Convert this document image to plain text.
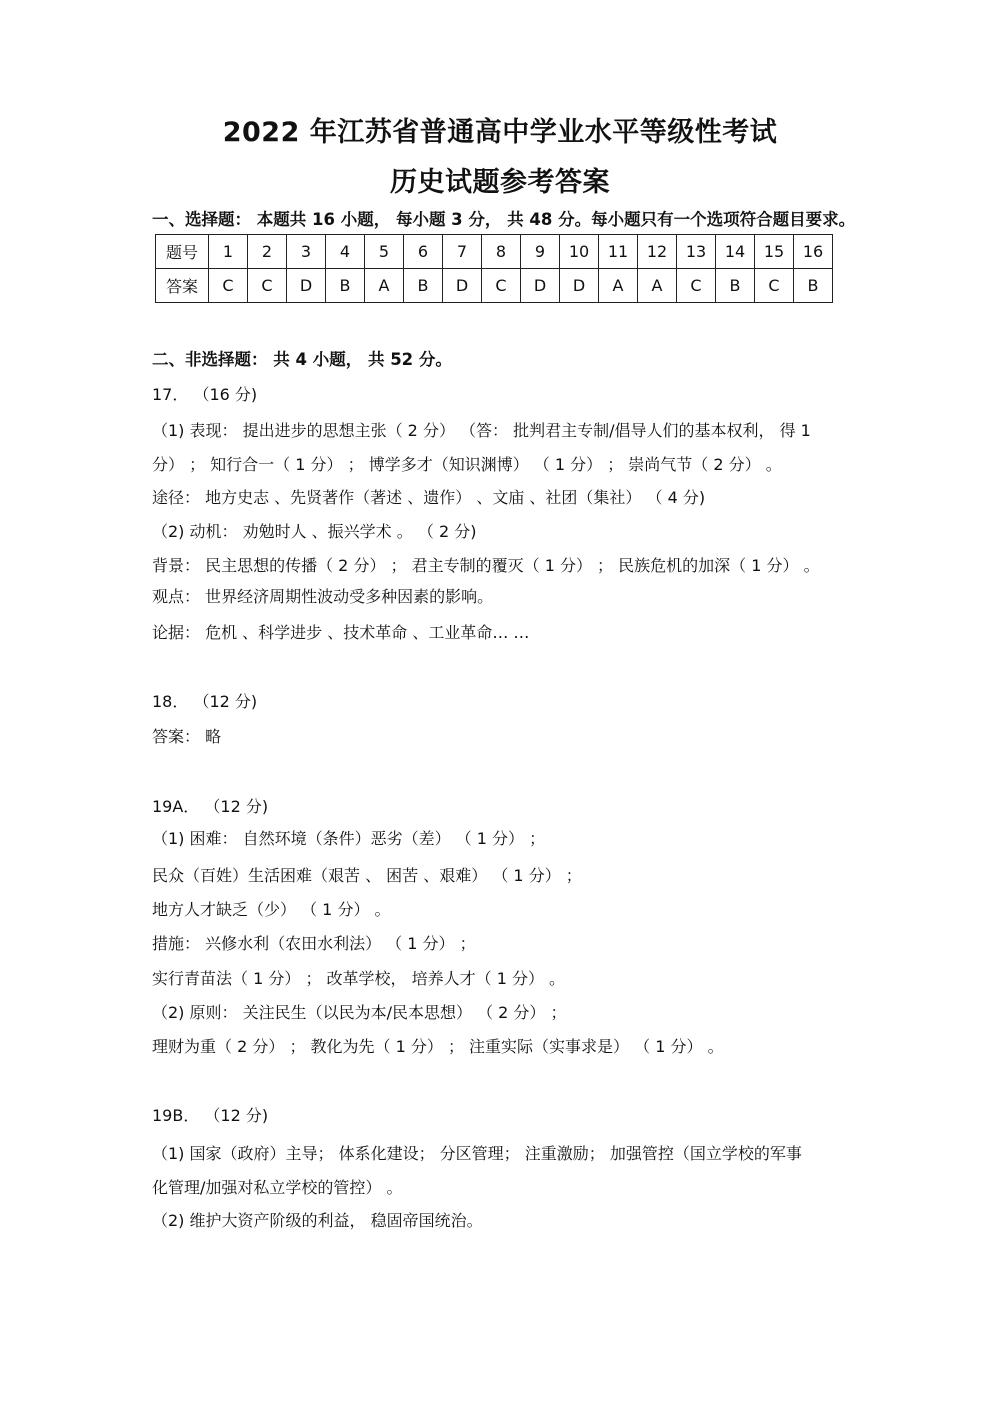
2022 年江苏省普通高中学业水平等级性考试
历史试题参考答案
一、选择题： 本题共 16 小题， 每小题 3 分， 共 48 分。每小题只有一个选项符合题目要求。
题号	1	2	3	4	5	6	7	8	9	10	11	12	13	14	15	16
答案	C	C	D	B	A	B	D	C	D	D	A	A	C	B	C	B
二、非选择题： 共 4 小题， 共 52 分。
17． （16 分)
（1) 表现： 提出进步的思想主张（ 2 分） （答： 批判君主专制/倡导人们的基本权利， 得 1
分） ； 知行合一（ 1 分） ； 博学多才（知识渊博） （ 1 分） ； 崇尚气节（ 2 分） 。
途径： 地方史志 、先贤著作（著述 、遗作） 、文庙 、社团（集社） （ 4 分)
（2) 动机： 劝勉时人 、振兴学术 。 （ 2 分)
背景： 民主思想的传播（ 2 分） ； 君主专制的覆灭（ 1 分） ； 民族危机的加深（ 1 分） 。
观点： 世界经济周期性波动受多种因素的影响。
论据： 危机 、科学进步 、技术革命 、工业革命… …
18． （12 分)
答案： 略
19A． （12 分)
（1) 困难： 自然环境（条件）恶劣（差） （ 1 分） ；
民众（百姓）生活困难（艰苦 、 困苦 、艰难） （ 1 分） ；
地方人才缺乏（少） （ 1 分） 。
措施： 兴修水利（农田水利法） （ 1 分） ；
实行青苗法（ 1 分） ； 改革学校， 培养人才（ 1 分） 。
（2) 原则： 关注民生（以民为本/民本思想） （ 2 分） ；
理财为重（ 2 分） ； 教化为先（ 1 分） ； 注重实际（实事求是） （ 1 分） 。
19B． （12 分)
（1) 国家（政府）主导； 体系化建设； 分区管理； 注重激励； 加强管控（国立学校的军事
化管理/加强对私立学校的管控） 。
（2) 维护大资产阶级的利益， 稳固帝国统治。
